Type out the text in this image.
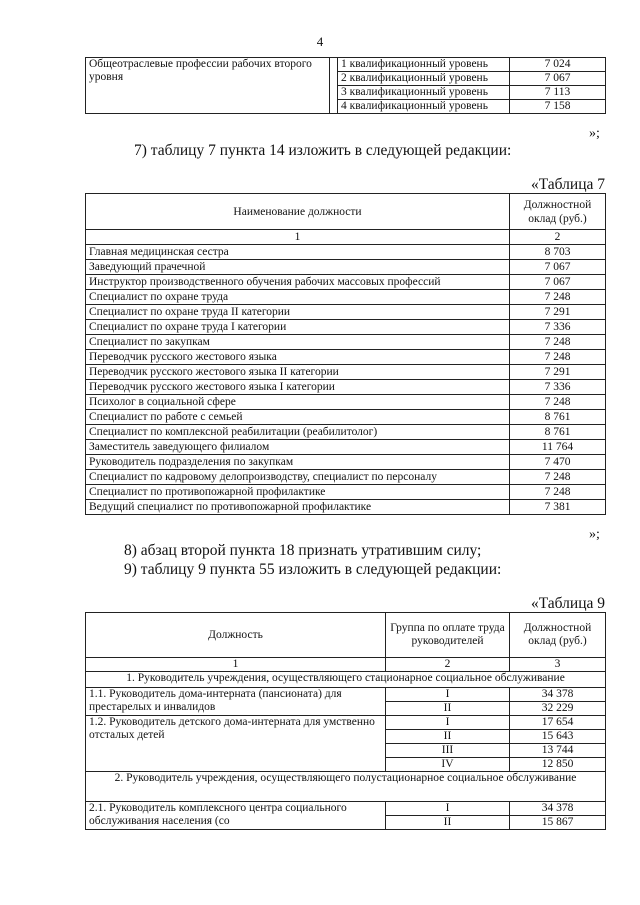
4
Общеотраслевые профессии рабочих второго уровня		1 квалификационный уровень	7 024
		2 квалификационный уровень	7 067
		3 квалификационный уровень	7 113
		4 квалификационный уровень	7 158
»;
7) таблицу 7 пункта 14 изложить в следующей редакции:
«Таблица 7
Наименование должности	Должностной оклад (руб.)
1	2
Главная медицинская сестра	8 703
Заведующий прачечной	7 067
Инструктор производственного обучения рабочих массовых профессий	7 067
Специалист по охране труда	7 248
Специалист по охране труда II категории	7 291
Специалист по охране труда I категории	7 336
Специалист по закупкам	7 248
Переводчик русского жестового языка	7 248
Переводчик русского жестового языка II категории	7 291
Переводчик русского жестового языка I категории	7 336
Психолог в социальной сфере	7 248
Специалист по работе с семьей	8 761
Специалист по комплексной реабилитации (реабилитолог)	8 761
Заместитель заведующего филиалом	11 764
Руководитель подразделения по закупкам	7 470
Специалист по кадровому делопроизводству, специалист по персоналу	7 248
Специалист по противопожарной профилактике	7 248
Ведущий специалист по противопожарной профилактике	7 381
»;
8) абзац второй пункта 18 признать утратившим силу;
9) таблицу 9 пункта 55 изложить в следующей редакции:
«Таблица 9
Должность	Группа по оплате труда руководителей	Должностной оклад (руб.)
1	2	3
1. Руководитель учреждения, осуществляющего стационарное социальное обслуживание		
1.1. Руководитель дома-интерната (пансионата) для престарелых и инвалидов	I	34 378
	II	32 229
1.2. Руководитель детского дома-интерната для умственно отсталых детей	I	17 654
	II	15 643
	III	13 744
	IV	12 850
2. Руководитель учреждения, осуществляющего полустационарное социальное обслуживание		
2.1. Руководитель комплексного центра социального обслуживания населения (со	I	34 378
	II	15 867
